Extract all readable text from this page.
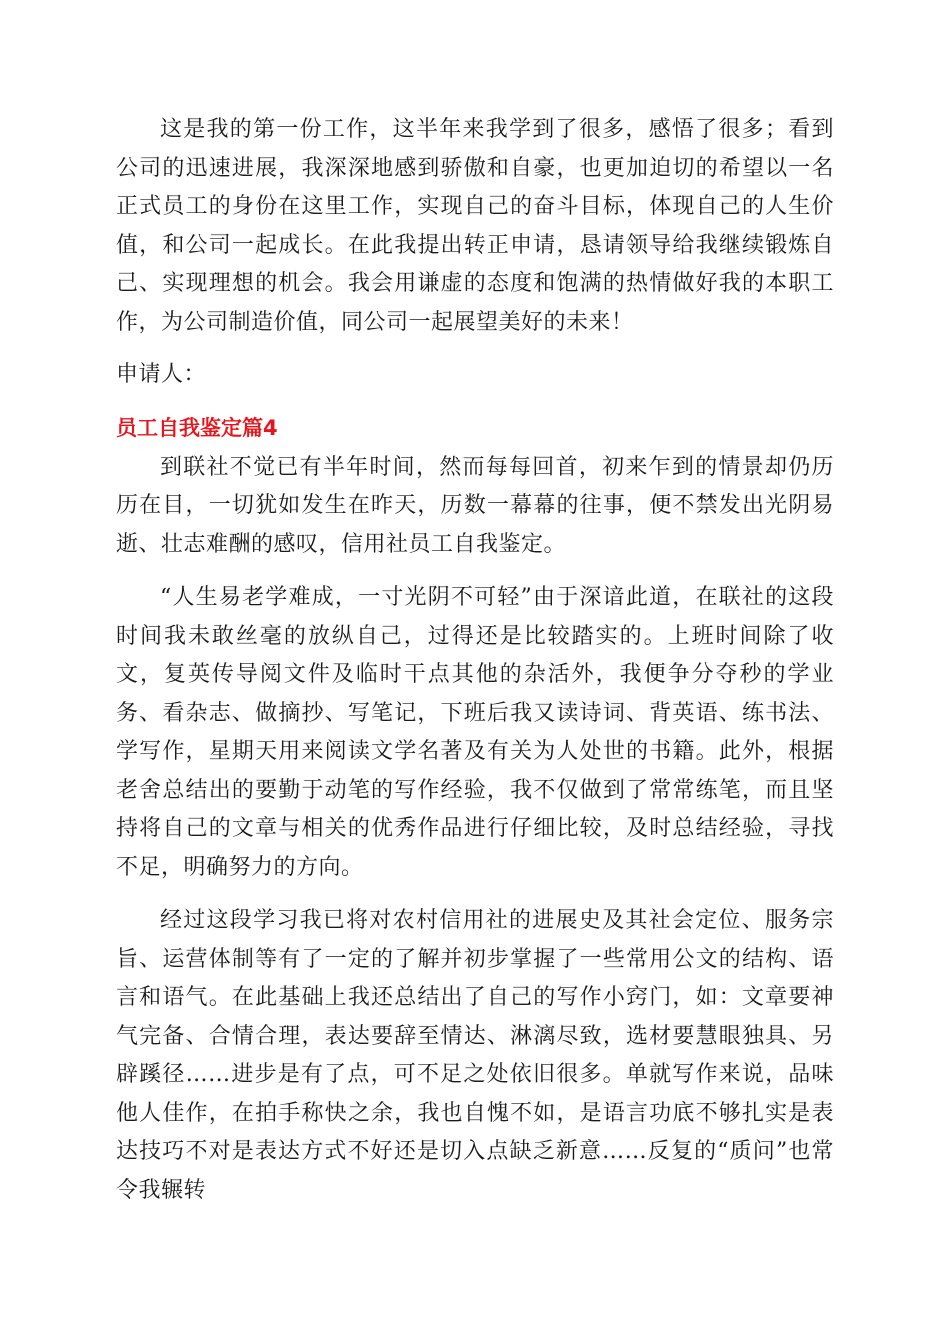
这是我的第一份工作，这半年来我学到了很多，感悟了很多；看到公司的迅速进展，我深深地感到骄傲和自豪，也更加迫切的希望以一名正式员工的身份在这里工作，实现自己的奋斗目标，体现自己的人生价值，和公司一起成长。在此我提出转正申请，恳请领导给我继续锻炼自己、实现理想的机会。我会用谦虚的态度和饱满的热情做好我的本职工作，为公司制造价值，同公司一起展望美好的未来！

申请人：

员工自我鉴定篇4

到联社不觉已有半年时间，然而每每回首，初来乍到的情景却仍历历在目，一切犹如发生在昨天，历数一幕幕的往事，便不禁发出光阴易逝、壮志难酬的感叹，信用社员工自我鉴定。

“人生易老学难成，一寸光阴不可轻”由于深谙此道，在联社的这段时间我未敢丝毫的放纵自己，过得还是比较踏实的。上班时间除了收文，复英传导阅文件及临时干点其他的杂活外，我便争分夺秒的学业务、看杂志、做摘抄、写笔记，下班后我又读诗词、背英语、练书法、学写作，星期天用来阅读文学名著及有关为人处世的书籍。此外，根据老舍总结出的要勤于动笔的写作经验，我不仅做到了常常练笔，而且坚持将自己的文章与相关的优秀作品进行仔细比较，及时总结经验，寻找不足，明确努力的方向。

经过这段学习我已将对农村信用社的进展史及其社会定位、服务宗旨、运营体制等有了一定的了解并初步掌握了一些常用公文的结构、语言和语气。在此基础上我还总结出了自己的写作小窍门，如：文章要神气完备、合情合理，表达要辞至情达、淋漓尽致，选材要慧眼独具、另辟蹊径……进步是有了点，可不足之处依旧很多。单就写作来说，品味他人佳作，在拍手称快之余，我也自愧不如，是语言功底不够扎实是表达技巧不对是表达方式不好还是切入点缺乏新意……反复的“质问”也常令我辗转
